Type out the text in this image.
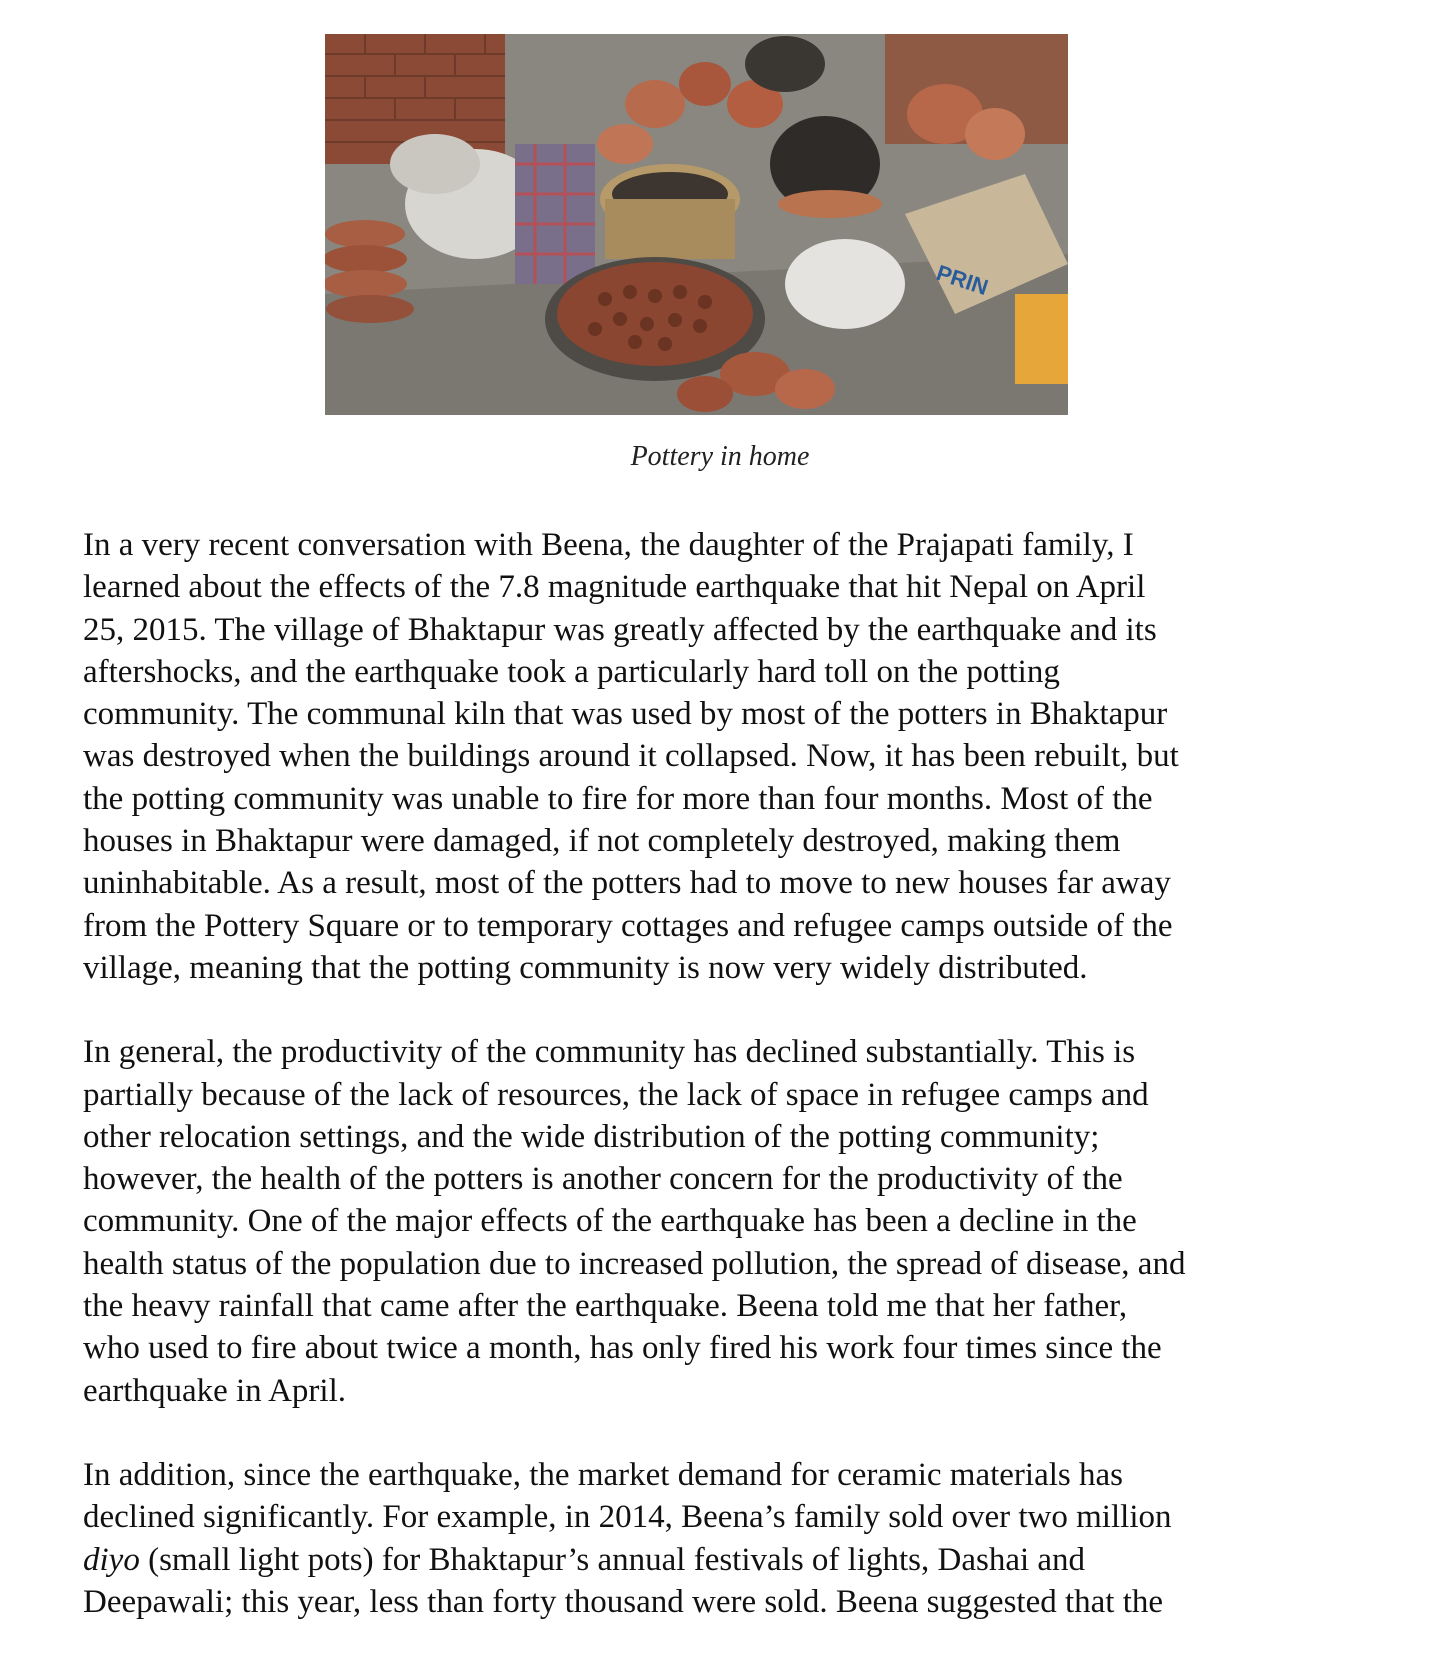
PRIN
Pottery in home

In a very recent conversation with Beena, the daughter of the Prajapati family, I
learned about the effects of the 7.8 magnitude earthquake that hit Nepal on April
25, 2015. The village of Bhaktapur was greatly affected by the earthquake and its
aftershocks, and the earthquake took a particularly hard toll on the potting
community. The communal kiln that was used by most of the potters in Bhaktapur
was destroyed when the buildings around it collapsed. Now, it has been rebuilt, but
the potting community was unable to fire for more than four months. Most of the
houses in Bhaktapur were damaged, if not completely destroyed, making them
uninhabitable. As a result, most of the potters had to move to new houses far away
from the Pottery Square or to temporary cottages and refugee camps outside of the
village, meaning that the potting community is now very widely distributed.

In general, the productivity of the community has declined substantially. This is
partially because of the lack of resources, the lack of space in refugee camps and
other relocation settings, and the wide distribution of the potting community;
however, the health of the potters is another concern for the productivity of the
community. One of the major effects of the earthquake has been a decline in the
health status of the population due to increased pollution, the spread of disease, and
the heavy rainfall that came after the earthquake. Beena told me that her father,
who used to fire about twice a month, has only fired his work four times since the
earthquake in April.

In addition, since the earthquake, the market demand for ceramic materials has
declined significantly. For example, in 2014, Beena’s family sold over two million
diyo (small light pots) for Bhaktapur’s annual festivals of lights, Dashai and
Deepawali; this year, less than forty thousand were sold. Beena suggested that the
